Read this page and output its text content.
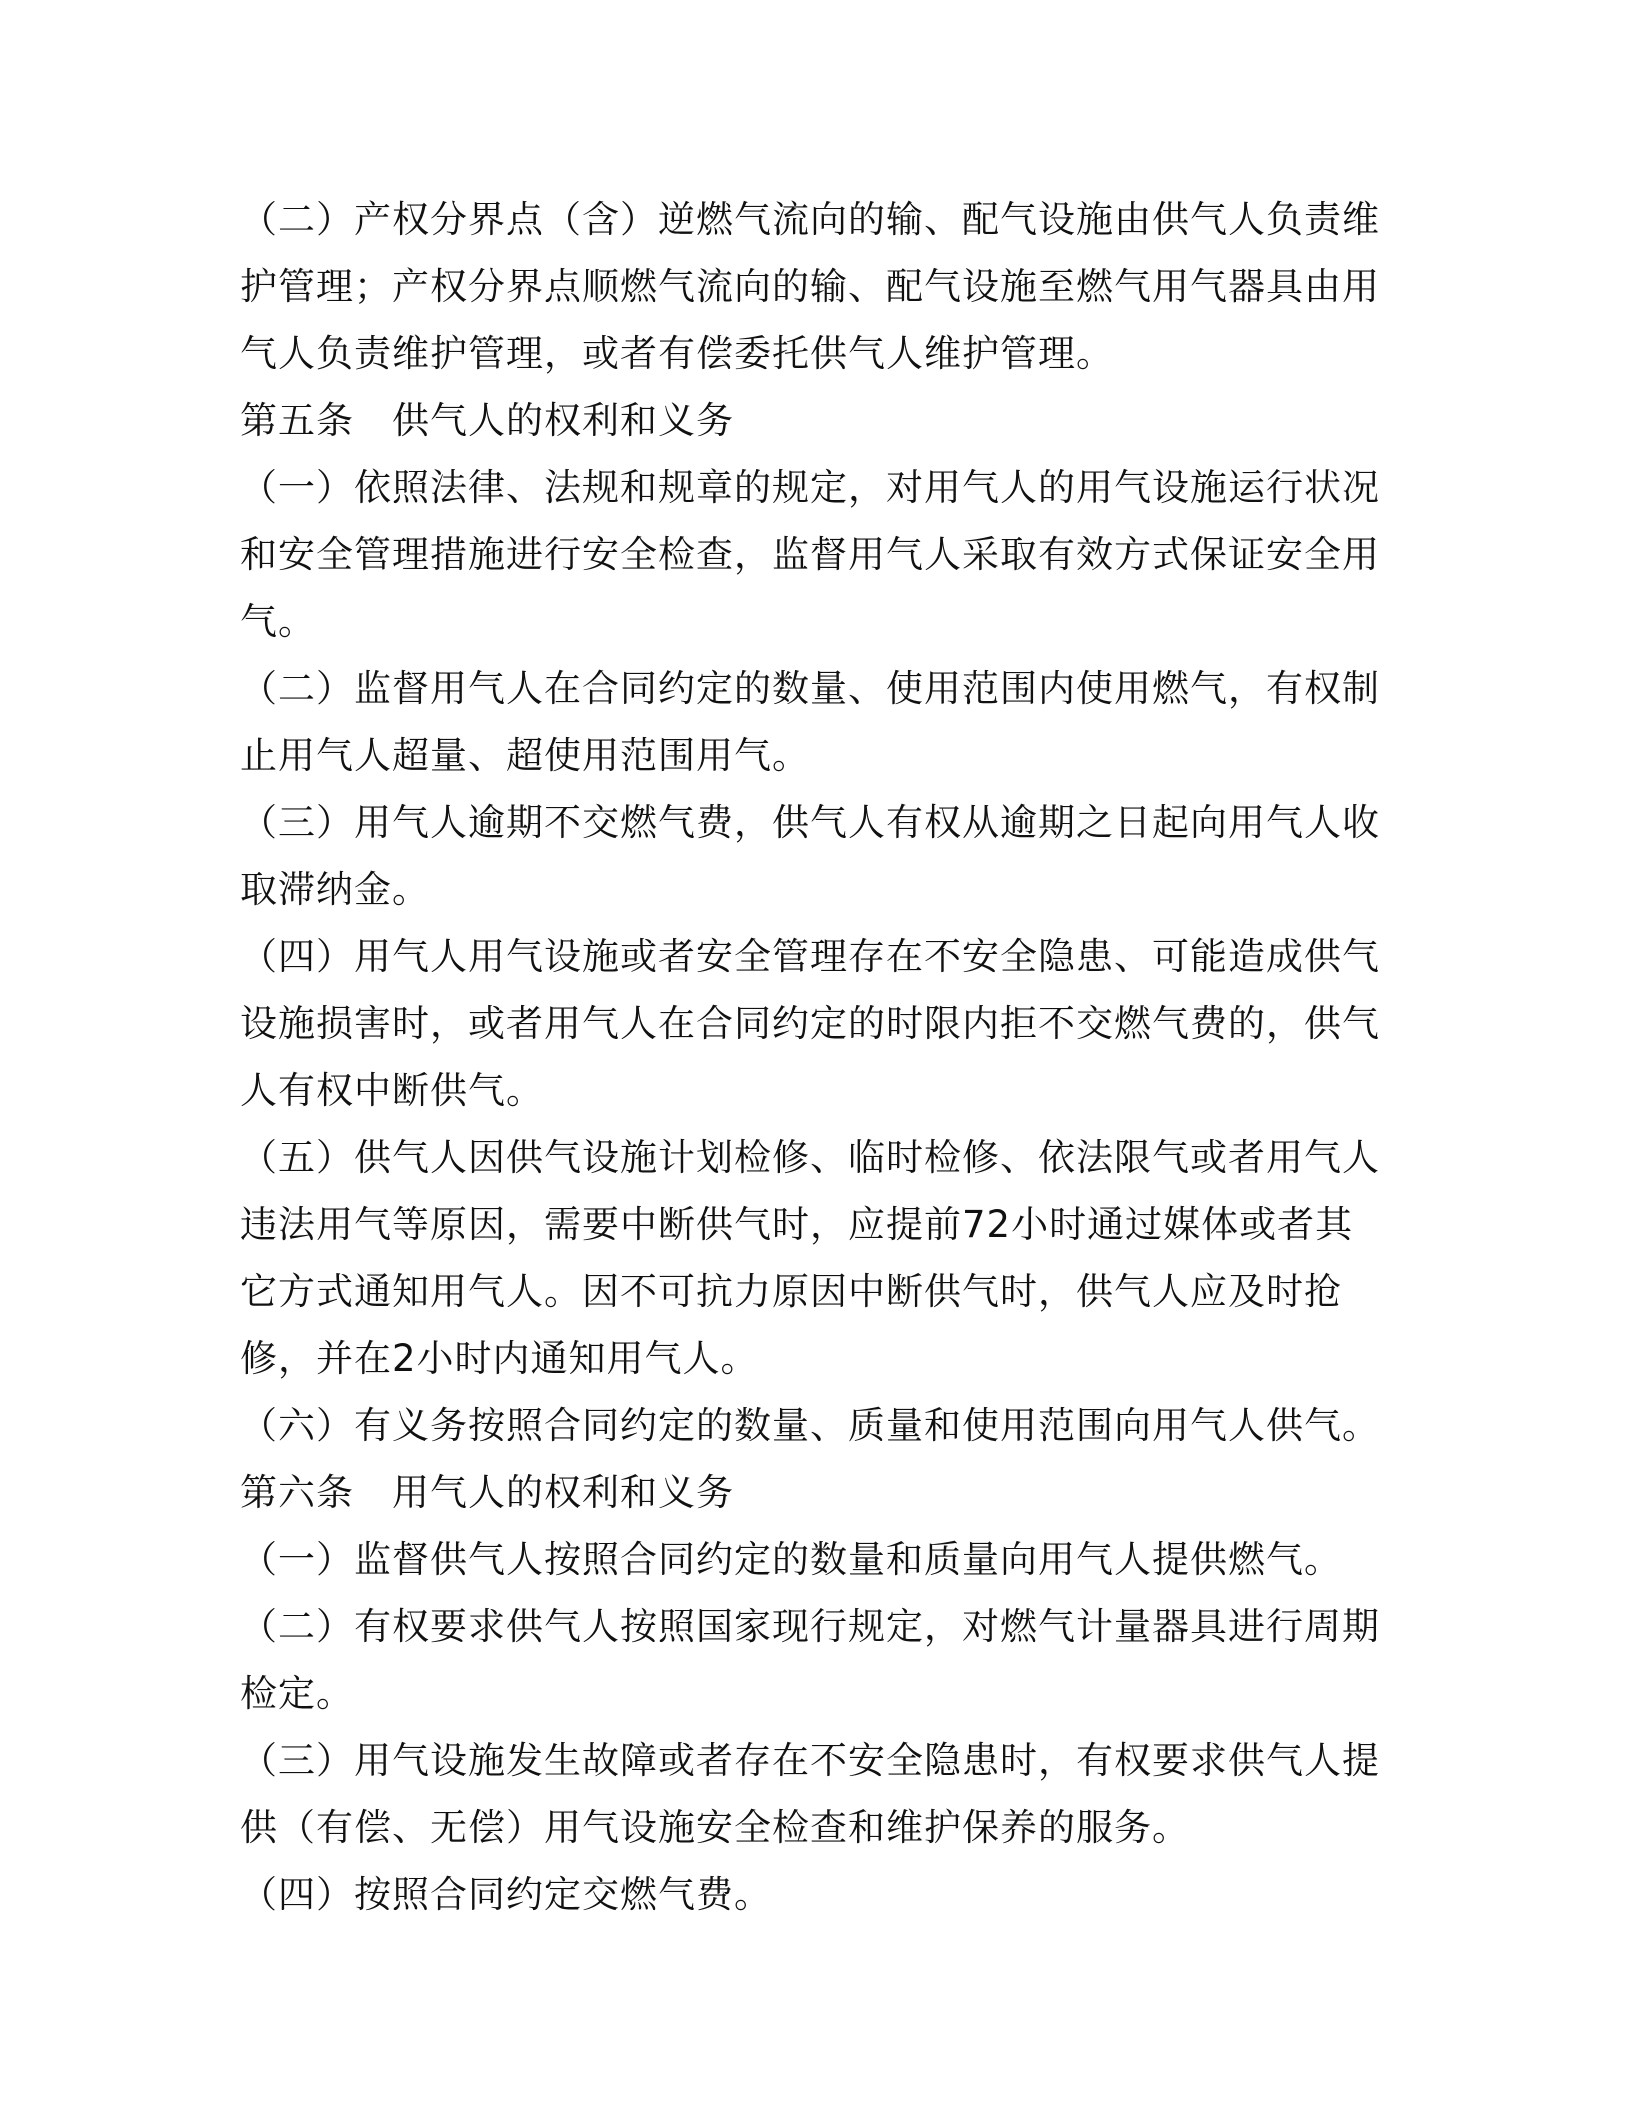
（二）产权分界点（含）逆燃气流向的输、配气设施由供气人负责维护管理；产权分界点顺燃气流向的输、配气设施至燃气用气器具由用气人负责维护管理，或者有偿委托供气人维护管理。

第五条　供气人的权利和义务

（一）依照法律、法规和规章的规定，对用气人的用气设施运行状况和安全管理措施进行安全检查，监督用气人采取有效方式保证安全用气。

（二）监督用气人在合同约定的数量、使用范围内使用燃气，有权制止用气人超量、超使用范围用气。

（三）用气人逾期不交燃气费，供气人有权从逾期之日起向用气人收取滞纳金。

（四）用气人用气设施或者安全管理存在不安全隐患、可能造成供气设施损害时，或者用气人在合同约定的时限内拒不交燃气费的，供气人有权中断供气。

（五）供气人因供气设施计划检修、临时检修、依法限气或者用气人违法用气等原因，需要中断供气时，应提前72小时通过媒体或者其它方式通知用气人。因不可抗力原因中断供气时，供气人应及时抢修，并在2小时内通知用气人。

（六）有义务按照合同约定的数量、质量和使用范围向用气人供气。

第六条　用气人的权利和义务

（一）监督供气人按照合同约定的数量和质量向用气人提供燃气。

（二）有权要求供气人按照国家现行规定，对燃气计量器具进行周期检定。

（三）用气设施发生故障或者存在不安全隐患时，有权要求供气人提供（有偿、无偿）用气设施安全检查和维护保养的服务。

（四）按照合同约定交燃气费。
